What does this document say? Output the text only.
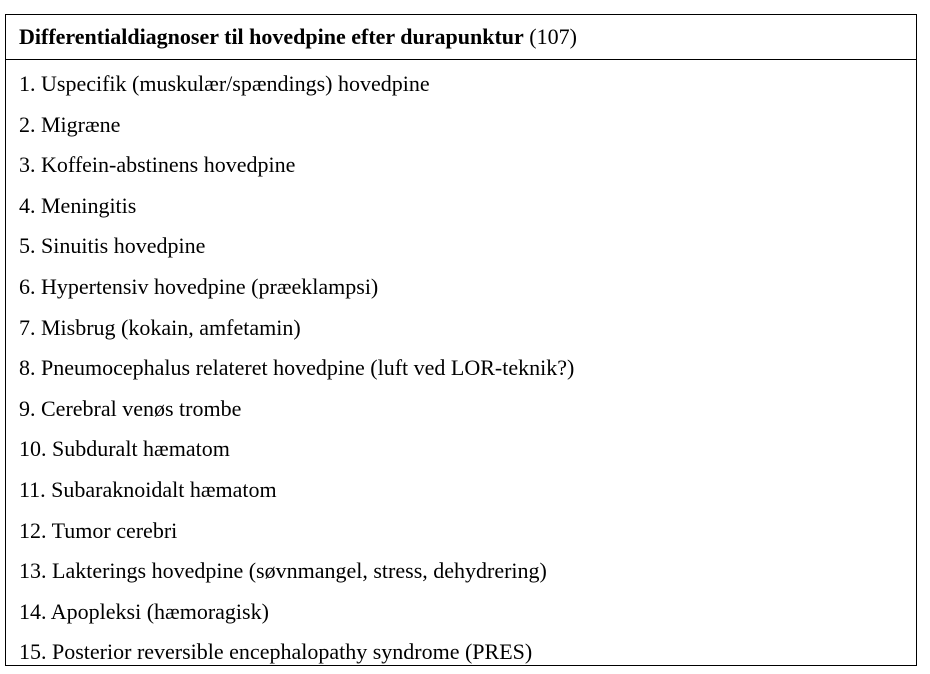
Differentialdiagnoser til hovedpine efter durapunktur
(107)
1. Uspecifik (muskulær/spændings) hovedpine
2. Migræne
3. Koffein-abstinens hovedpine
4. Meningitis
5. Sinuitis hovedpine
6. Hypertensiv hovedpine (præeklampsi)
7. Misbrug (kokain, amfetamin)
8. Pneumocephalus relateret hovedpine (luft ved LOR-teknik?)
9. Cerebral venøs trombe
10. Subduralt hæmatom
11. Subaraknoidalt hæmatom
12. Tumor cerebri
13. Lakterings hovedpine (søvnmangel, stress, dehydrering)
14. Apopleksi (hæmoragisk)
15. Posterior reversible encephalopathy syndrome (PRES)
